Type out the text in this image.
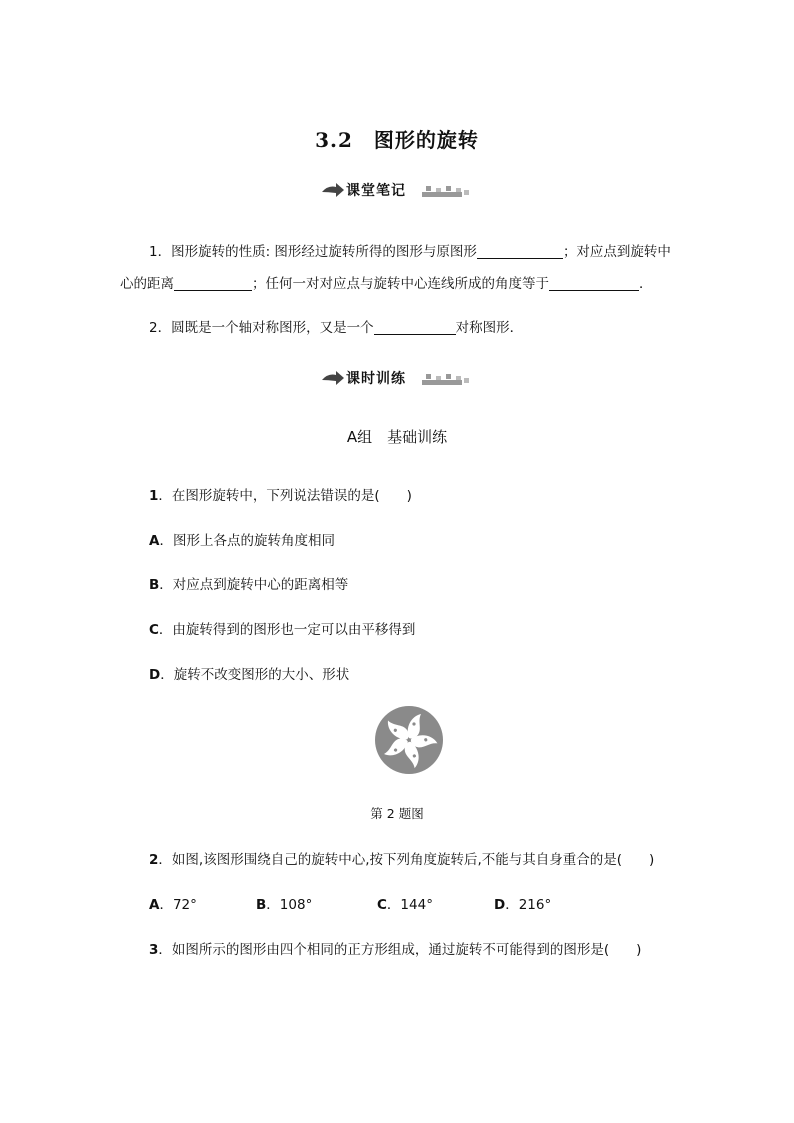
3.2　图形的旋转
课堂笔记
1．图形旋转的性质: 图形经过旋转所得的图形与原图形	；对应点到旋转中
心的距离	；任何一对对应点与旋转中心连线所成的角度等于	．
2．圆既是一个轴对称图形，又是一个	对称图形．
课时训练
A组　基础训练
1．在图形旋转中，下列说法错误的是(　　)
A．图形上各点的旋转角度相同
B．对应点到旋转中心的距离相等
C．由旋转得到的图形也一定可以由平移得到
D．旋转不改变图形的大小、形状
第 2 题图
2．如图,该图形围绕自己的旋转中心,按下列角度旋转后,不能与其自身重合的是(　　)
A．72°	B．108°	C．144°	D．216°
3．如图所示的图形由四个相同的正方形组成，通过旋转不可能得到的图形是(　　)
